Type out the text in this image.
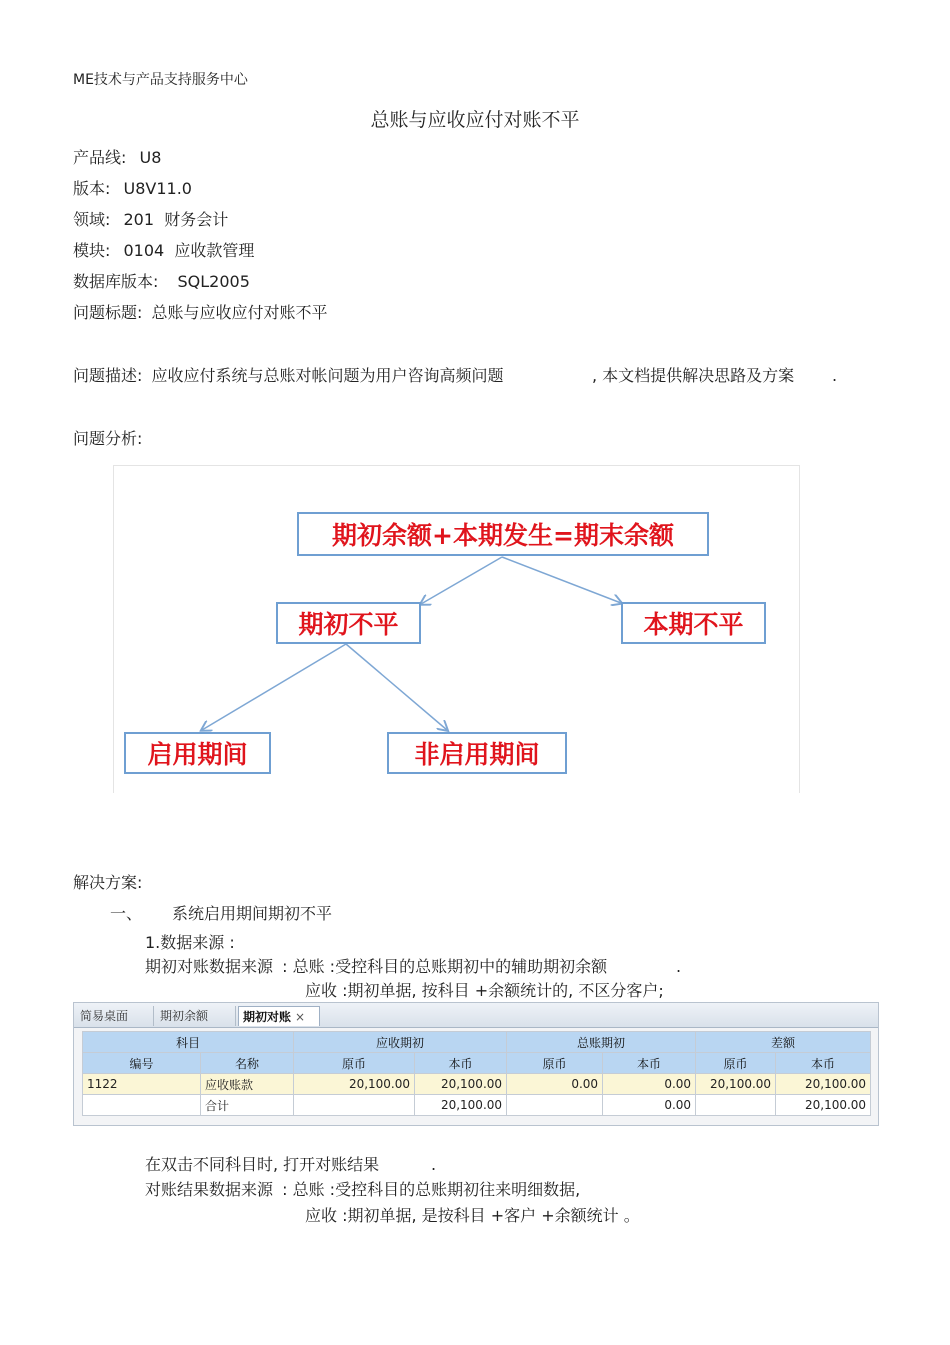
ME技术与产品支持服务中心
总账与应收应付对账不平
产品线: U8
版本: U8V11.0
领域: 201  财务会计
模块: 0104  应收款管理
数据库版本: SQL2005
问题标题: 总账与应收应付对账不平
问题描述: 应收应付系统与总账对帐问题为用户咨询高频问题	, 本文档提供解决思路及方案 .
问题分析:
期初余额+本期发生=期末余额
期初不平	本期不平
启用期间	非启用期间
解决方案:
一、 系统启用期间期初不平
1.数据来源 :
期初对账数据来源 : 总账 :受控科目的总账期初中的辅助期初余额	.
应收 :期初单据, 按科目 +余额统计的, 不区分客户;
简易桌面	期初余额	期初对账 ×
科目		应收期初		总账期初		差额	
编号	名称	原币	本币	原币	本币	原币	本币
1122	应收账款	20,100.00	20,100.00	0.00	0.00	20,100.00	20,100.00
	合计		20,100.00		0.00		20,100.00
在双击不同科目时, 打开对账结果	.
对账结果数据来源 : 总账 :受控科目的总账期初往来明细数据,
应收 :期初单据, 是按科目 +客户 +余额统计 。
